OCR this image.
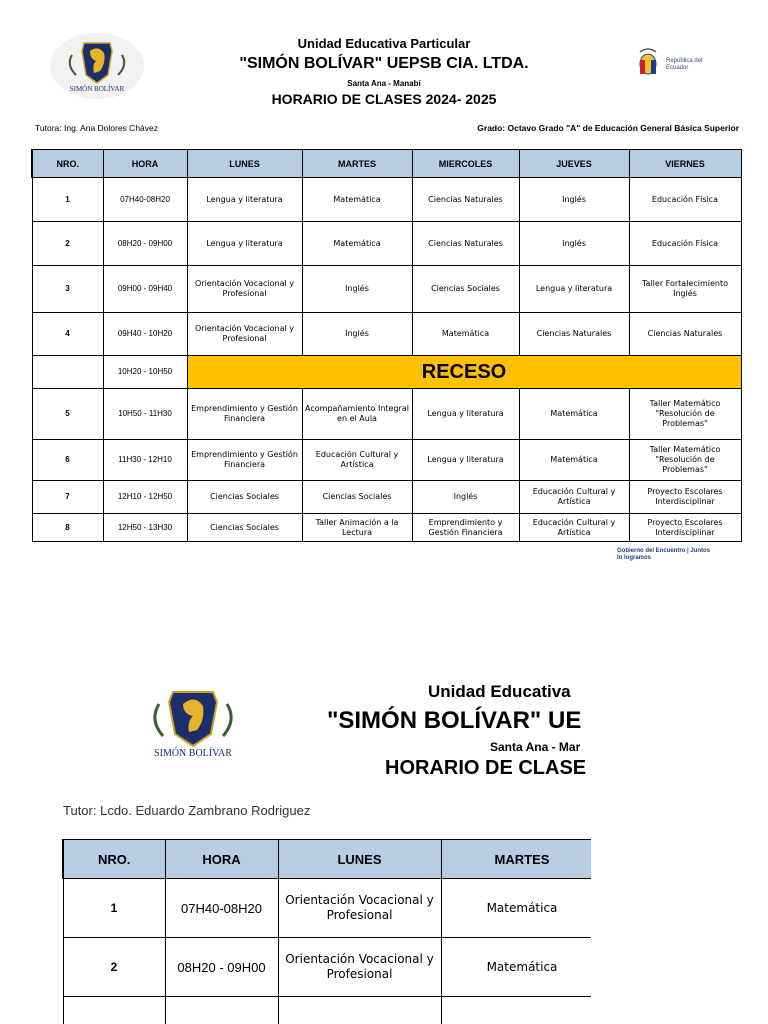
SIMÓN BOLÍVAR
República del Ecuador
Unidad Educativa Particular
"SIMÓN BOLÍVAR" UEPSB CIA. LTDA.
Santa Ana - Manabí
HORARIO DE CLASES 2024- 2025
Tutora: Ing. Ana Dolores Chávez	Grado: Octavo Grado "A" de Educación General Básica Superior
NRO.	HORA	LUNES	MARTES	MIERCOLES	JUEVES	VIERNES
1	07H40-08H20	Lengua y literatura	Matemática	Ciencias Naturales	Inglés	Educación Física
2	08H20 - 09H00	Lengua y literatura	Matemática	Ciencias Naturales	Inglés	Educación Física
3	09H00 - 09H40	Orientación Vocacional y Profesional	Inglés	Ciencias Sociales	Lengua y literatura	Taller Fortalecimiento Inglés
4	09H40 - 10H20	Orientación Vocacional y Profesional	Inglés	Matemática	Ciencias Naturales	Ciencias Naturales
	10H20 - 10H50	RECESO				
5	10H50 - 11H30	Emprendimiento y Gestión Financiera	Acompañamiento Integral en el Aula	Lengua y literatura	Matemática	Taller Matemático "Resolución de Problemas"
6	11H30 - 12H10	Emprendimiento y Gestión Financiera	Educación Cultural y Artística	Lengua y literatura	Matemática	Taller Matemático "Resolución de Problemas"
7	12H10 - 12H50	Ciencias Sociales	Ciencias Sociales	Inglés	Educación Cultural y Artística	Proyecto Escolares Interdisciplinar
8	12H50 - 13H30	Ciencias Sociales	Taller Animación a la Lectura	Emprendimiento y Gestión Financiera	Educación Cultural y Artística	Proyecto Escolares Interdisciplinar
Gobierno del Encuentro | Juntos lo logramos
SIMÓN BOLÍVAR
Unidad Educativa
"SIMÓN BOLÍVAR" UE
Santa Ana - Mar
HORARIO DE CLASE
Tutor: Lcdo. Eduardo Zambrano Rodriguez
NRO.	HORA	LUNES	MARTES
1	07H40-08H20	Orientación Vocacional y Profesional	Matemática
2	08H20 - 09H00	Orientación Vocacional y Profesional	Matemática
